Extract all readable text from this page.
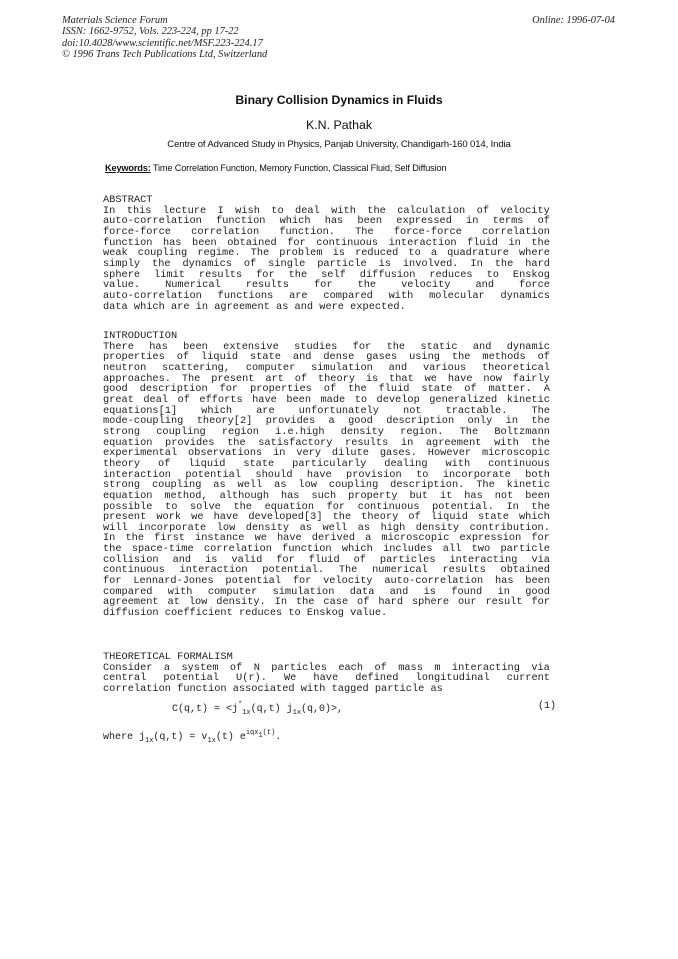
Materials Science Forum
ISSN: 1662-9752, Vols. 223-224, pp 17-22
doi:10.4028/www.scientific.net/MSF.223-224.17
© 1996 Trans Tech Publications Ltd, Switzerland
Online: 1996-07-04
Binary Collision Dynamics in Fluids
K.N. Pathak
Centre of Advanced Study in Physics, Panjab University, Chandigarh-160 014, India
Keywords: Time Correlation Function, Memory Function, Classical Fluid, Self Diffusion
ABSTRACT
In this lecture I wish to deal with the calculation of velocity
auto-correlation function which has been expressed in terms of
force-force correlation function. The force-force correlation
function has been obtained for continuous interaction fluid in the
weak coupling regime. The problem is reduced to a quadrature where
simply the dynamics of single particle is involved. In the hard
sphere limit results for the self diffusion reduces to Enskog
value. Numerical results for the velocity and force
auto-correlation functions are compared with molecular dynamics
data which are in agreement as and were expected.
INTRODUCTION
There has been extensive studies for the static and dynamic
properties of liquid state and dense gases using the methods of
neutron scattering, computer simulation and various theoretical
approaches. The present art of theory is that we have now fairly
good description for properties of the fluid state of matter. A
great deal of efforts have been made to develop generalized kinetic
equations[1] which are unfortunately not tractable. The
mode-coupling theory[2] provides a good description only in the
strong coupling region i.e.high density region. The Boltzmann
equation provides the satisfactory results in agreement with the
experimental observations in very dilute gases. However microscopic
theory of liquid state particularly dealing with continuous
interaction potential should have provision to incorporate both
strong coupling as well as low coupling description. The kinetic
equation method, although has such property but it has not been
possible to solve the equation for continuous potential. In the
present work we have developed[3] the theory of liquid state which
will incorporate low density as well as high density contribution.
In the first instance we have derived a microscopic expression for
the space-time correlation function which includes all two particle
collision and is valid for fluid of particles interacting via
continuous interaction potential. The numerical results obtained
for Lennard-Jones potential for velocity auto-correlation has been
compared with computer simulation data and is found in good
agreement at low density. In the case of hard sphere our result for
diffusion coefficient reduces to Enskog value.
THEORETICAL FORMALISM
Consider a system of N particles each of mass m interacting via
central potential U(r). We have defined longitudinal current
correlation function associated with tagged particle as
$C(q,t) = <j^*_{1x}(q,t)$ $j_{1x}(q,0)>$,	(1)
where $j_{1x}(q,t) = v_{1x}(t)$ $e^{iqx_1(t)}$.
